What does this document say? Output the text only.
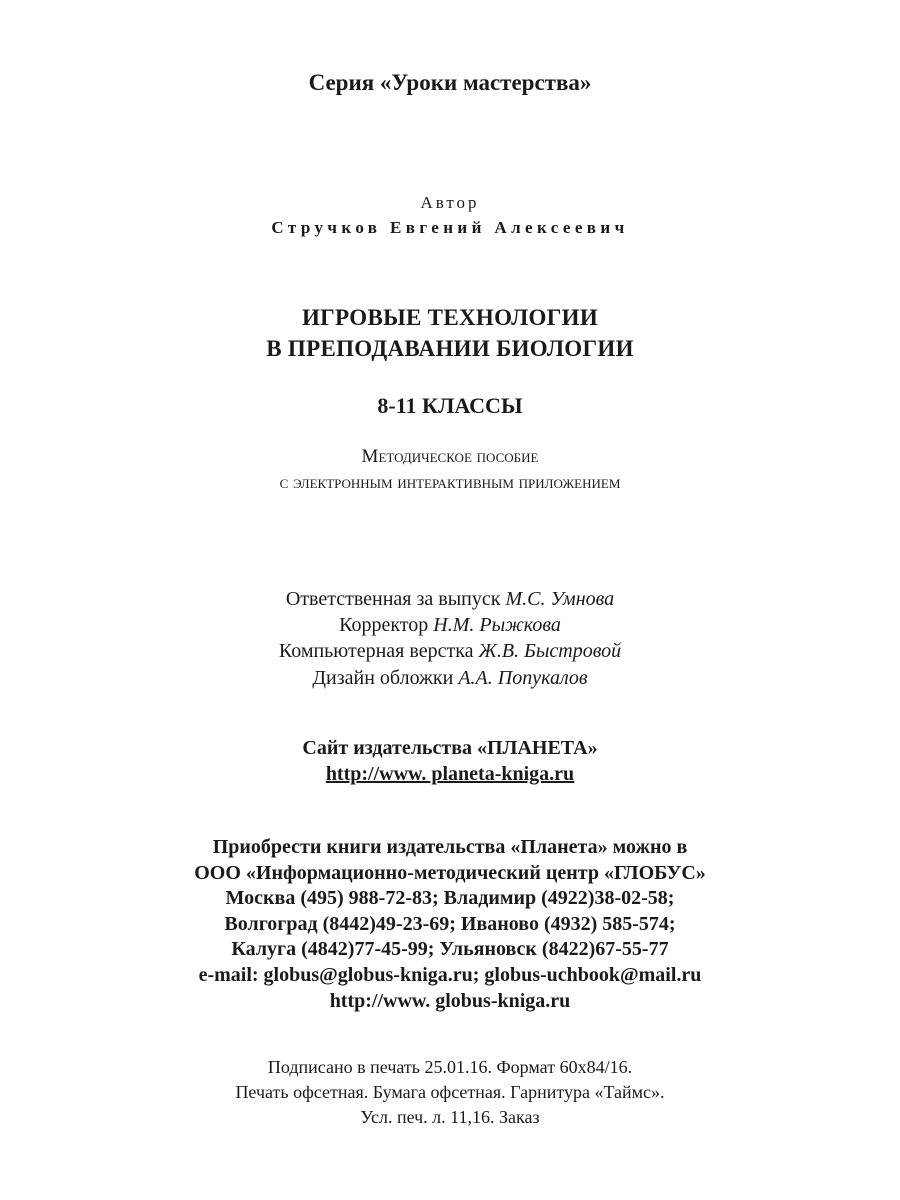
Серия «Уроки мастерства»
Автор
Стручков Евгений Алексеевич
ИГРОВЫЕ ТЕХНОЛОГИИ
В ПРЕПОДАВАНИИ БИОЛОГИИ
8-11 КЛАССЫ
Методическое пособие
с электронным интерактивным приложением
Ответственная за выпуск М.С. Умнова
Корректор Н.М. Рыжкова
Компьютерная верстка Ж.В. Быстровой
Дизайн обложки А.А. Попукалов
Сайт издательства «ПЛАНЕТА»
http://www. planeta-kniga.ru
Приобрести книги издательства «Планета» можно в
ООО «Информационно-методический центр «ГЛОБУС»
Москва (495) 988-72-83; Владимир (4922)38-02-58;
Волгоград (8442)49-23-69; Иваново (4932) 585-574;
Калуга (4842)77-45-99; Ульяновск (8422)67-55-77
e-mail: globus@globus-kniga.ru; globus-uchbook@mail.ru
http://www. globus-kniga.ru
Подписано в печать 25.01.16. Формат 60х84/16.
Печать офсетная. Бумага офсетная. Гарнитура «Таймс».
Усл. печ. л. 11,16. Заказ
